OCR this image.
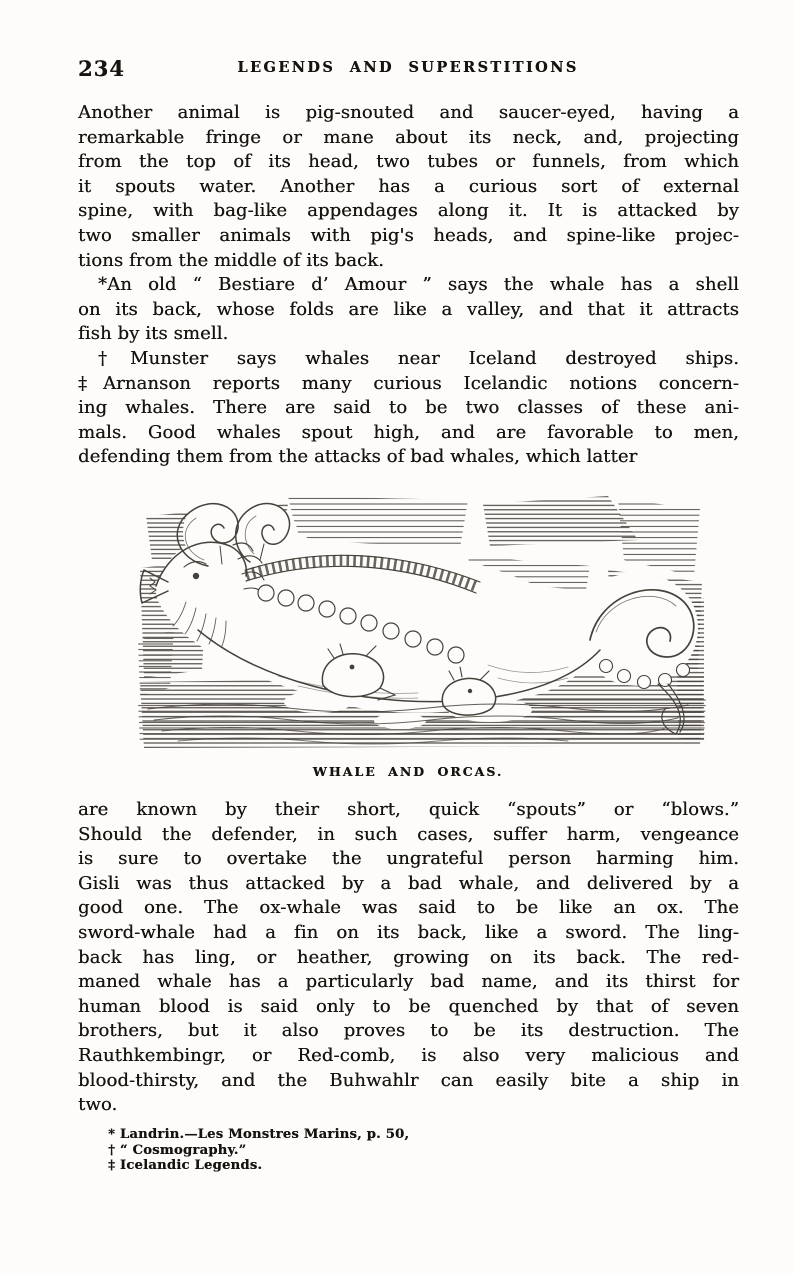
234	LEGENDS AND SUPERSTITIONS
Another animal is pig-snouted and saucer-eyed, having a
remarkable fringe or mane about its neck, and, projecting
from the top of its head, two tubes or funnels, from which
it spouts water. Another has a curious sort of external
spine, with bag-like appendages along it. It is attacked by
two smaller animals with pig's heads, and spine-like projec-
tions from the middle of its back.
*An old “ Bestiare d’ Amour ” says the whale has a shell
on its back, whose folds are like a valley, and that it attracts
fish by its smell.
†Munster says whales near Iceland destroyed ships.
‡Arnanson reports many curious Icelandic notions concern-
ing whales. There are said to be two classes of these ani-
mals. Good whales spout high, and are favorable to men,
defending them from the attacks of bad whales, which latter
WHALE AND ORCAS.
are known by their short, quick “spouts” or “blows.”
Should the defender, in such cases, suffer harm, vengeance
is sure to overtake the ungrateful person harming him.
Gisli was thus attacked by a bad whale, and delivered by a
good one. The ox-whale was said to be like an ox. The
sword-whale had a fin on its back, like a sword. The ling-
back has ling, or heather, growing on its back. The red-
maned whale has a particularly bad name, and its thirst for
human blood is said only to be quenched by that of seven
brothers, but it also proves to be its destruction. The
Rauthkembingr, or Red-comb, is also very malicious and
blood-thirsty, and the Buhwahlr can easily bite a ship in
two.
* Landrin.—Les Monstres Marins, p. 50,
† “ Cosmography.”
‡ Icelandic Legends.
